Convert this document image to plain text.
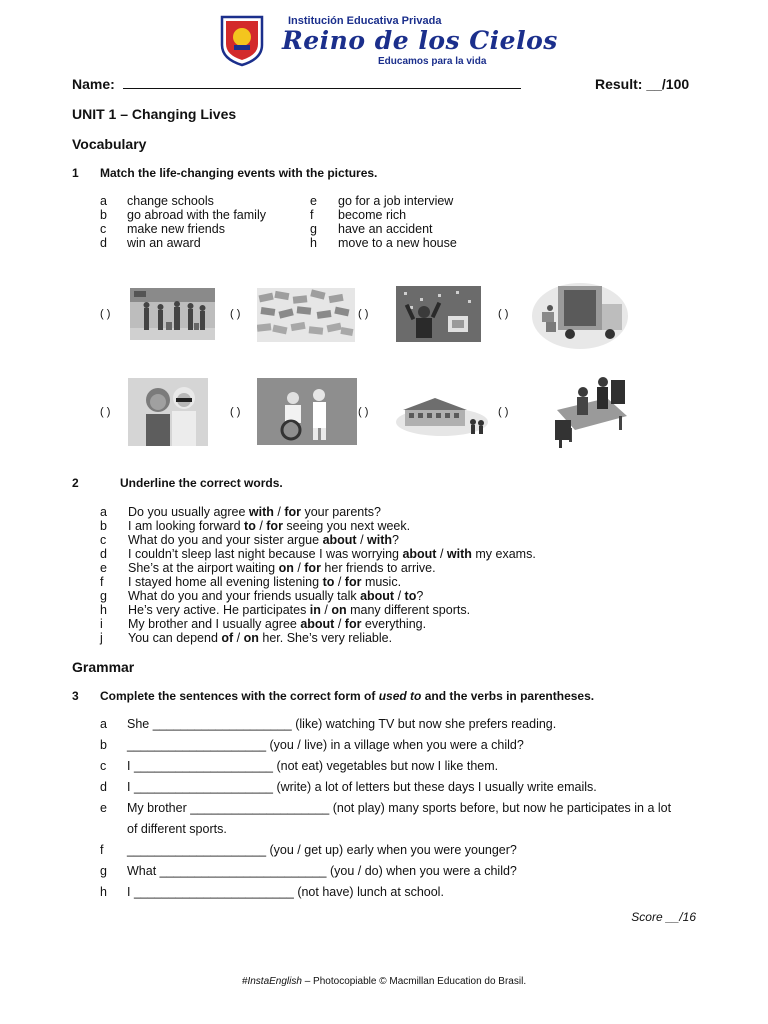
Institución Educativa Privada
Reino de los Cielos
Educamos para la vida
Name:	Result: __/100
UNIT 1 – Changing Lives
Vocabulary
1 Match the life-changing events with the pictures.
a change schools	e go for a job interview
b go abroad with the family	f become rich
c make new friends	g have an accident
d win an award	h move to a new house
( )	( )	( )	( )
( )	( )	( )	( )
2	Underline the correct words.
a Do you usually agree with / for your parents?
b I am looking forward to / for seeing you next week.
c What do you and your sister argue about / with?
d I couldn’t sleep last night because I was worrying about / with my exams.
e She’s at the airport waiting on / for her friends to arrive.
f I stayed home all evening listening to / for music.
g What do you and your friends usually talk about / to?
h He’s very active. He participates in / on many different sports.
i My brother and I usually agree about / for everything.
j You can depend of / on her. She’s very reliable.
Grammar
3 Complete the sentences with the correct form of used to and the verbs in parentheses.
a She ____________________ (like) watching TV but now she prefers reading.
b ____________________ (you / live) in a village when you were a child?
c I ____________________ (not eat) vegetables but now I like them.
d I ____________________ (write) a lot of letters but these days I usually write emails.
e My brother ____________________ (not play) many sports before, but now he participates in a lot
of different sports.
f ____________________ (you / get up) early when you were younger?
g What ________________________ (you / do) when you were a child?
h I _______________________ (not have) lunch at school.
Score __/16
#InstaEnglish – Photocopiable © Macmillan Education do Brasil.
